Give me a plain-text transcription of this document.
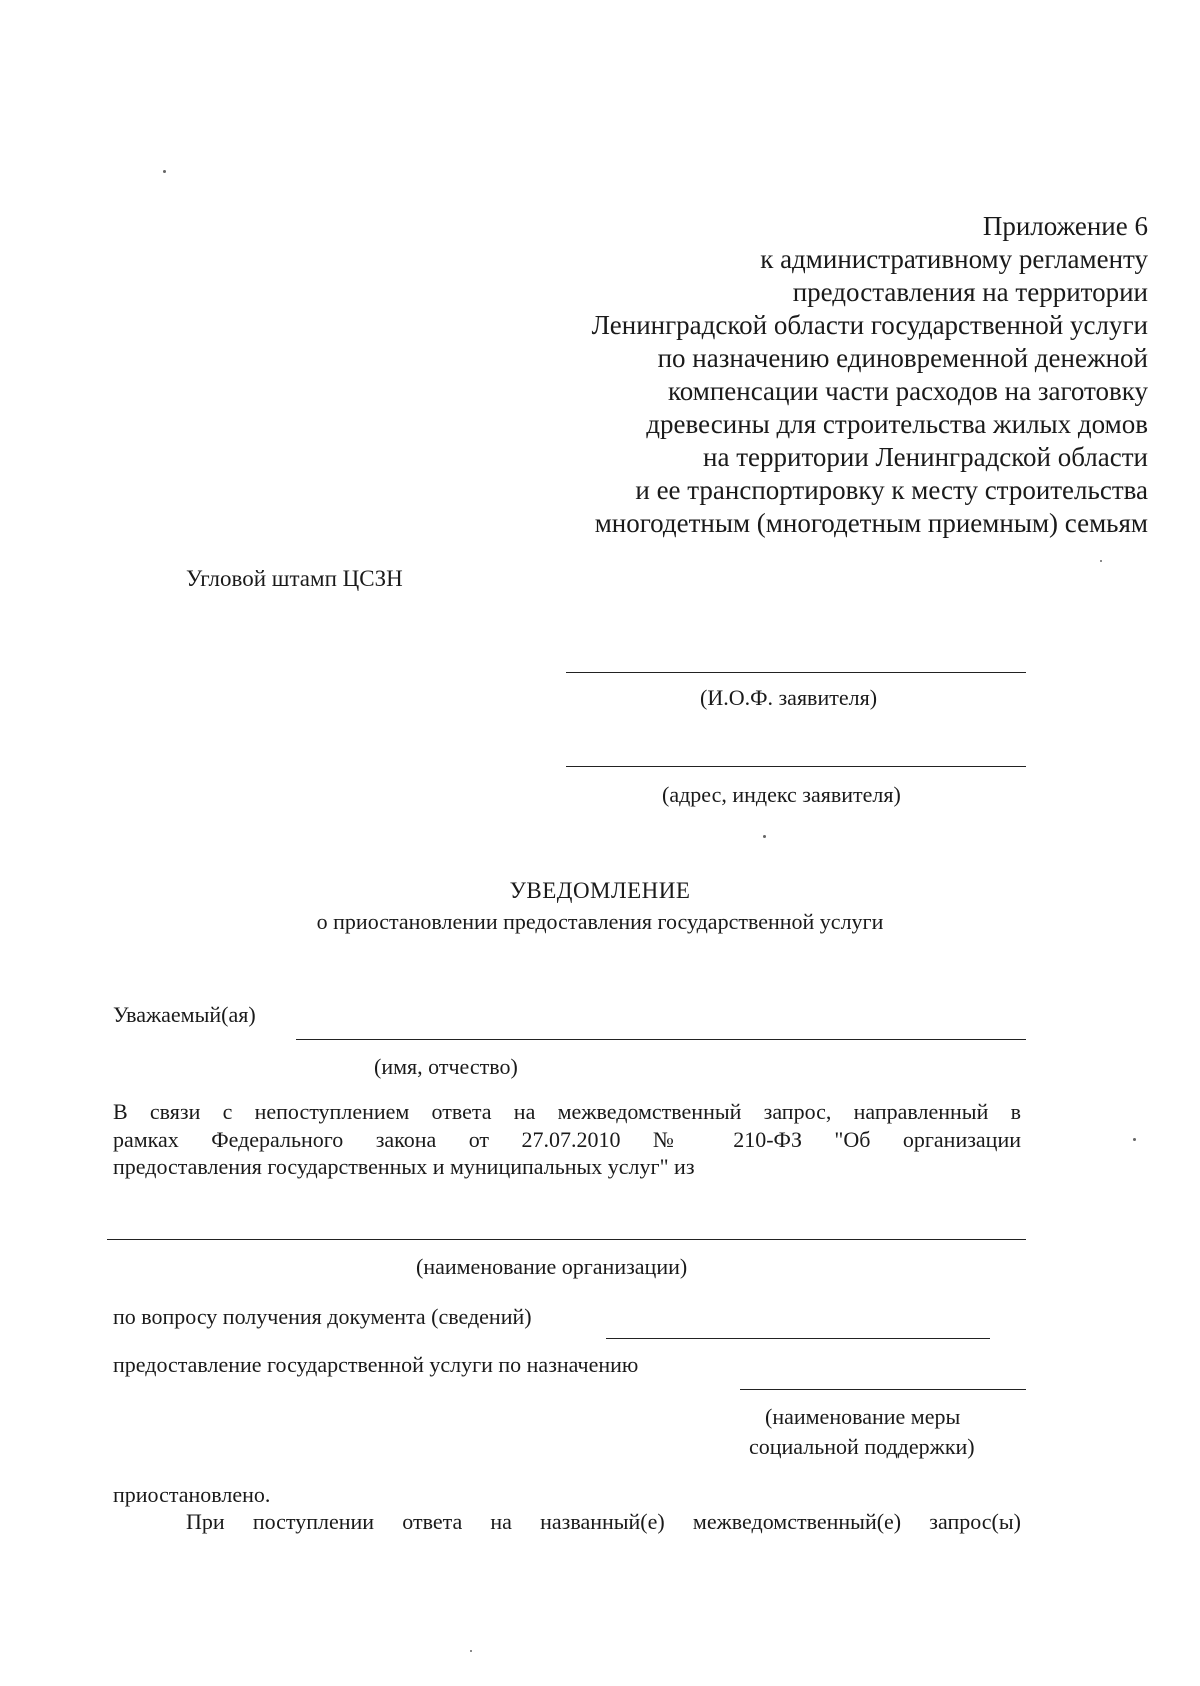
Приложение 6
к административному регламенту
предоставления на территории
Ленинградской области государственной услуги
по назначению единовременной денежной
компенсации части расходов на заготовку
древесины для строительства жилых домов
на территории Ленинградской области
и ее транспортировку к месту строительства
многодетным (многодетным приемным) семьям
Угловой штамп ЦСЗН
(И.О.Ф. заявителя)
(адрес, индекс заявителя)
УВЕДОМЛЕНИЕ
о приостановлении предоставления государственной услуги
Уважаемый(ая)
(имя, отчество)
В связи с непоступлением ответа на межведомственный запрос, направленный в
рамках Федерального закона от 27.07.2010 № 210-ФЗ "Об организации
предоставления государственных и муниципальных услуг" из
(наименование организации)
по вопросу получения документа (сведений)
предоставление государственной услуги по назначению
(наименование меры
социальной поддержки)
приостановлено.
При поступлении ответа на названный(е) межведомственный(е) запрос(ы)
